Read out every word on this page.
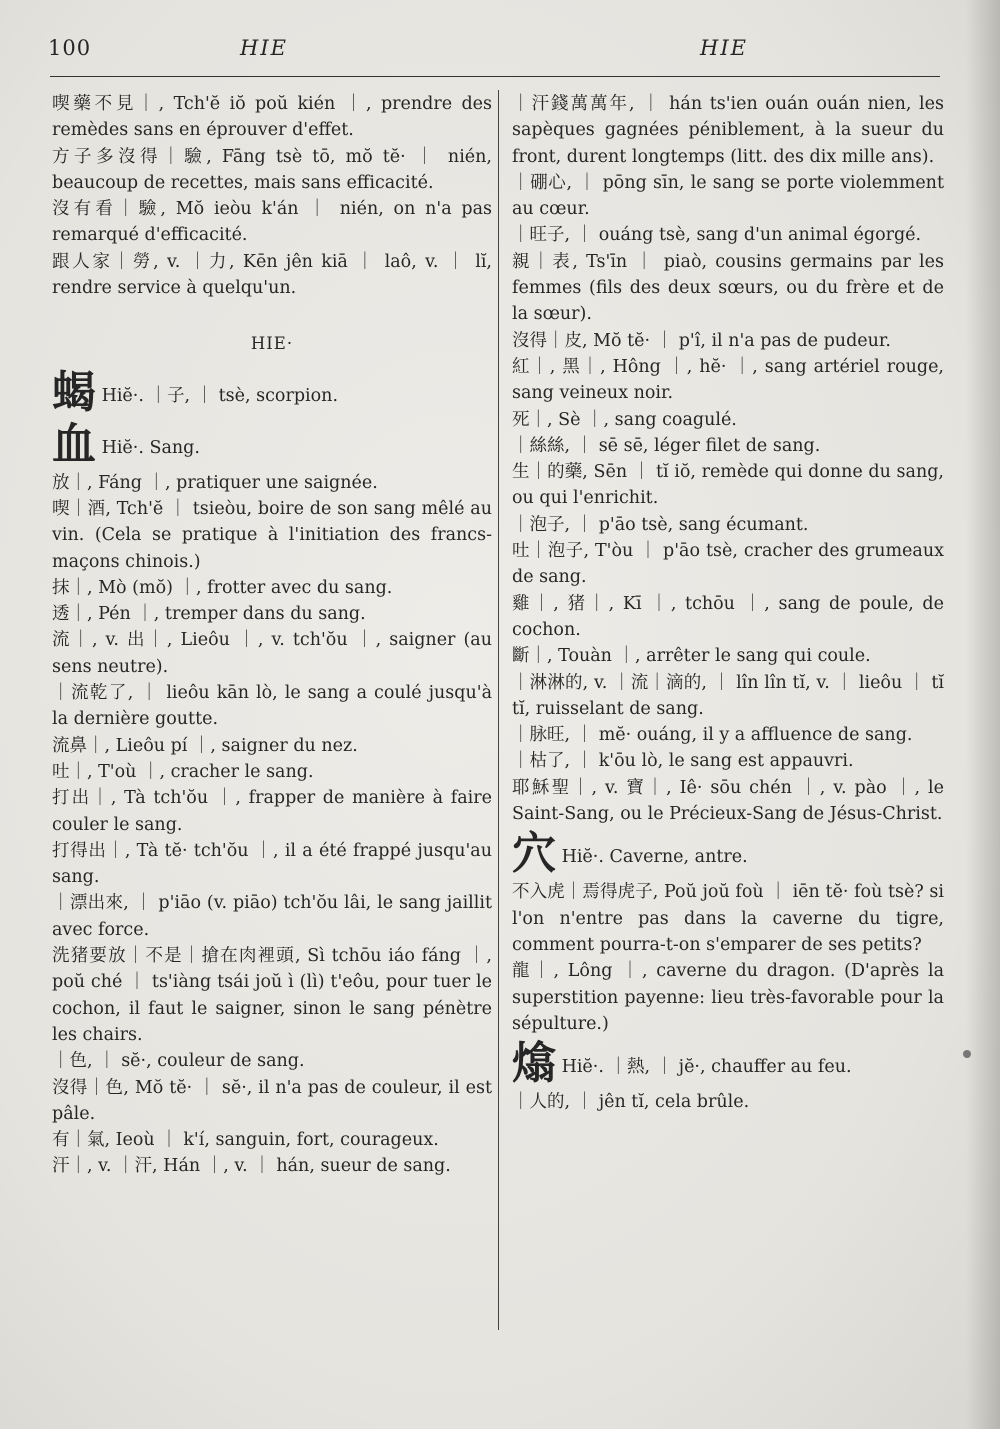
100	HIE	HIE

喫藥不見｜, Tch'ĕ iŏ poŭ kién ｜, prendre des remèdes sans en éprouver d'effet.

方子多沒得｜驗, Fāng tsè tō, mŏ tĕ· ｜ nién, beaucoup de recettes, mais sans efficacité.

沒有看｜驗, Mŏ ieòu k'án ｜ nién, on n'a pas remarqué d'efficacité.

跟人家｜勞, v. ｜力, Kēn jên kiā ｜ laô, v. ｜ lĭ, rendre service à quelqu'un.

HIE·

蝎 Hiĕ·. ｜子, ｜ tsè, scorpion.

血 Hiĕ·. Sang.

放｜, Fáng ｜, pratiquer une saignée.

喫｜酒, Tch'ĕ ｜ tsieòu, boire de son sang mêlé au vin. (Cela se pratique à l'initiation des francs-maçons chinois.)

抹｜, Mò (mŏ) ｜, frotter avec du sang.

透｜, Pén ｜, tremper dans du sang.

流｜, v. 出｜, Lieôu ｜, v. tch'ŏu ｜, saigner (au sens neutre).

｜流乾了, ｜ lieôu kān lò, le sang a coulé jusqu'à la dernière goutte.

流鼻｜, Lieôu pí ｜, saigner du nez.

吐｜, T'où ｜, cracher le sang.

打出｜, Tà tch'ŏu ｜, frapper de manière à faire couler le sang.

打得出｜, Tà tĕ· tch'ŏu ｜, il a été frappé jusqu'au sang.

｜漂出來, ｜ p'iāo (v. piāo) tch'ŏu lâi, le sang jaillit avec force.

洗猪要放｜不是｜搶在肉裡頭, Sì tchōu iáo fáng ｜, poŭ ché ｜ ts'iàng tsái joŭ ì (lì) t'eôu, pour tuer le cochon, il faut le saigner, sinon le sang pénètre les chairs.

｜色, ｜ sĕ·, couleur de sang.

沒得｜色, Mŏ tĕ· ｜ sĕ·, il n'a pas de couleur, il est pâle.

有｜氣, Ieoù ｜ k'í, sanguin, fort, courageux.

汗｜, v. ｜汗, Hán ｜, v. ｜ hán, sueur de sang.

｜汗錢萬萬年, ｜ hán ts'ien ouán ouán nien, les sapèques gagnées péniblement, à la sueur du front, durent longtemps (litt. des dix mille ans).

｜硼心, ｜ pōng sīn, le sang se porte violemment au cœur.

｜旺子, ｜ ouáng tsè, sang d'un animal égorgé.

親｜表, Ts'īn ｜ piaò, cousins germains par les femmes (fils des deux sœurs, ou du frère et de la sœur).

沒得｜皮, Mŏ tĕ· ｜ p'î, il n'a pas de pudeur.

紅｜, 黑｜, Hông ｜, hĕ· ｜, sang artériel rouge, sang veineux noir.

死｜, Sè ｜, sang coagulé.

｜絲絲, ｜ sē sē, léger filet de sang.

生｜的藥, Sēn ｜ tĭ iŏ, remède qui donne du sang, ou qui l'enrichit.

｜泡子, ｜ p'āo tsè, sang écumant.

吐｜泡子, T'òu ｜ p'āo tsè, cracher des grumeaux de sang.

雞｜, 猪｜, Kī ｜, tchōu ｜, sang de poule, de cochon.

斷｜, Touàn ｜, arrêter le sang qui coule.

｜淋淋的, v. ｜流｜滴的, ｜ lîn lîn tĭ, v. ｜ lieôu ｜ tĭ tĭ, ruisselant de sang.

｜脉旺, ｜ mĕ· ouáng, il y a affluence de sang.

｜枯了, ｜ k'ōu lò, le sang est appauvri.

耶穌聖｜, v. 寶｜, Iê· sōu chén ｜, v. pào ｜, le Saint-Sang, ou le Précieux-Sang de Jésus-Christ.

穴 Hiĕ·. Caverne, antre.

不入虎｜焉得虎子, Poŭ joŭ foù ｜ iēn tĕ· foù tsè? si l'on n'entre pas dans la caverne du tigre, comment pourra-t-on s'emparer de ses petits?

龍｜, Lông ｜, caverne du dragon. (D'après la superstition payenne: lieu très-favorable pour la sépulture.)

熻 Hiĕ·. ｜熱, ｜ jĕ·, chauffer au feu.

｜人的, ｜ jên tĭ, cela brûle.
